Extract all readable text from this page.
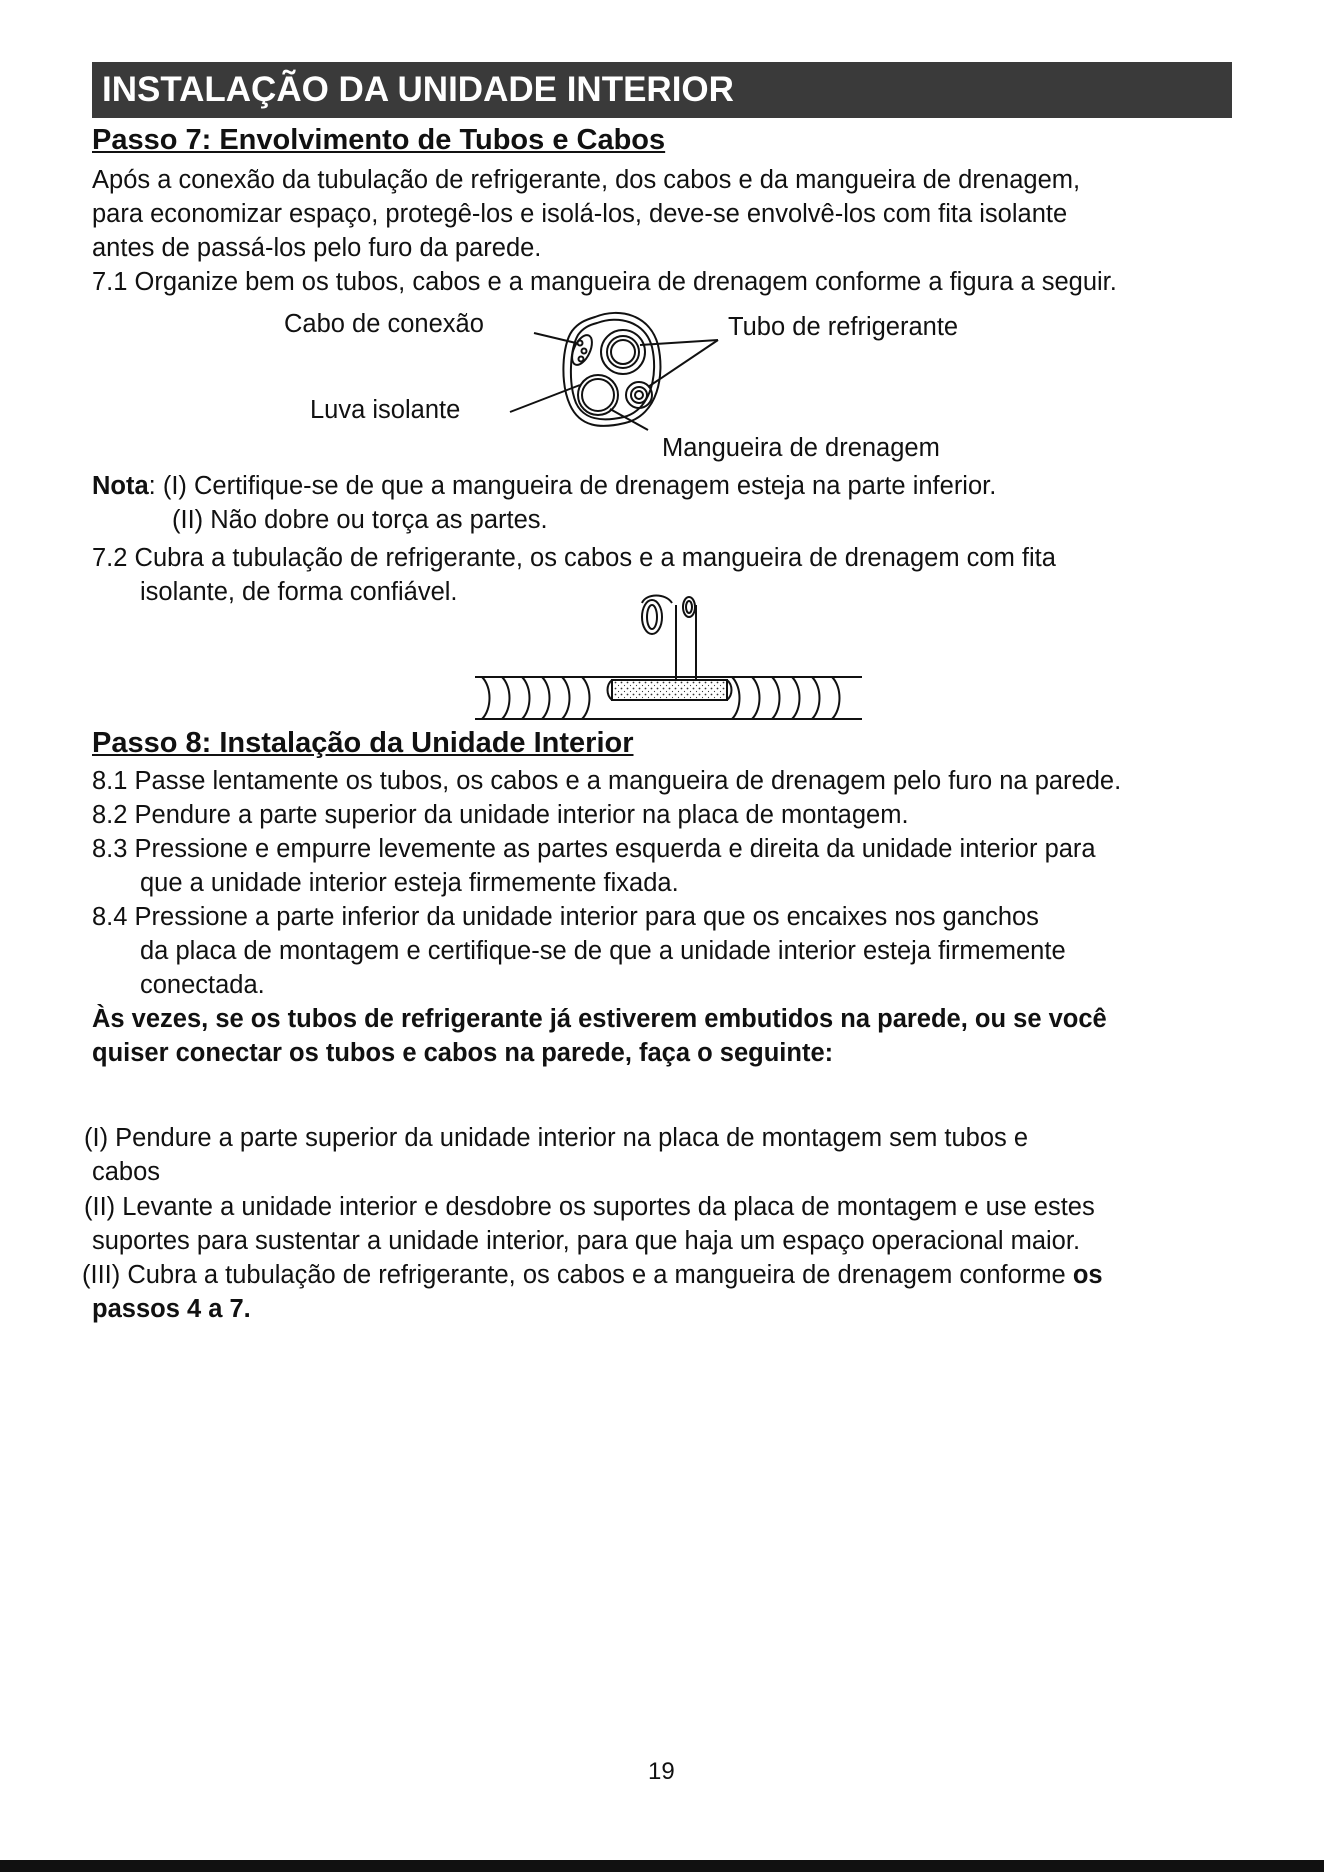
INSTALAÇÃO DA UNIDADE INTERIOR
Passo 7: Envolvimento de Tubos e Cabos
Após a conexão da tubulação de refrigerante, dos cabos e da mangueira de drenagem,
para economizar espaço, protegê-los e isolá-los, deve-se envolvê-los com fita isolante
antes de passá-los pelo furo da parede.
7.1 Organize bem os tubos, cabos e a mangueira de drenagem conforme a figura a seguir.
Cabo de conexão	Tubo de refrigerante
Luva isolante
Mangueira de drenagem
Nota: (I) Certifique-se de que a mangueira de drenagem esteja na parte inferior.
(II) Não dobre ou torça as partes.
7.2 Cubra a tubulação de refrigerante, os cabos e a mangueira de drenagem com fita
isolante, de forma confiável.
Passo 8: Instalação da Unidade Interior
8.1 Passe lentamente os tubos, os cabos e a mangueira de drenagem pelo furo na parede.
8.2 Pendure a parte superior da unidade interior na placa de montagem.
8.3 Pressione e empurre levemente as partes esquerda e direita da unidade interior para
que a unidade interior esteja firmemente fixada.
8.4 Pressione a parte inferior da unidade interior para que os encaixes nos ganchos
da placa de montagem e certifique-se de que a unidade interior esteja firmemente
conectada.
Às vezes, se os tubos de refrigerante já estiverem embutidos na parede, ou se você
quiser conectar os tubos e cabos na parede, faça o seguinte:
(I) Pendure a parte superior da unidade interior na placa de montagem sem tubos e
cabos
(II) Levante a unidade interior e desdobre os suportes da placa de montagem e use estes
suportes para sustentar a unidade interior, para que haja um espaço operacional maior.
(III) Cubra a tubulação de refrigerante, os cabos e a mangueira de drenagem conforme os
passos 4 a 7.
19
